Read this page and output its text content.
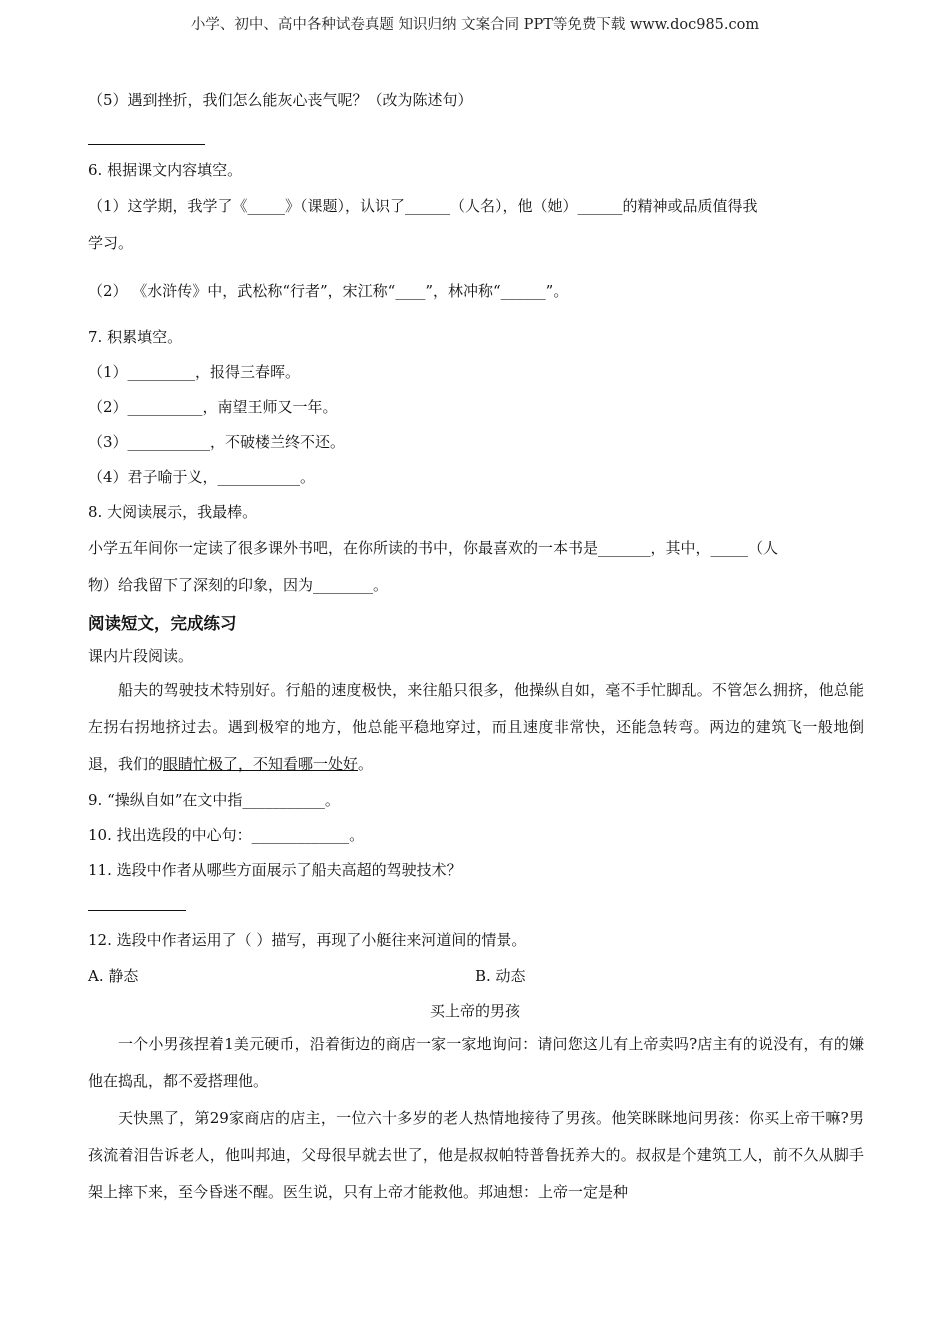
小学、初中、高中各种试卷真题 知识归纳 文案合同 PPT等免费下载 www.doc985.com
（5）遇到挫折，我们怎么能灰心丧气呢？（改为陈述句）
6. 根据课文内容填空。
（1）这学期，我学了《_____》（课题），认识了______（人名），他（她）______的精神或品质值得我
学习。
（2） 《水浒传》中，武松称“行者”，宋江称“____”，林冲称“______”。
7. 积累填空。
（1）_________，报得三春晖。
（2）__________，南望王师又一年。
（3）___________，不破楼兰终不还。
（4）君子喻于义，___________。
8. 大阅读展示，我最棒。
小学五年间你一定读了很多课外书吧，在你所读的书中，你最喜欢的一本书是_______，其中，_____（人
物）给我留下了深刻的印象，因为________。
阅读短文，完成练习
课内片段阅读。
船夫的驾驶技术特别好。行船的速度极快，来往船只很多，他操纵自如，毫不手忙脚乱。不管怎么拥挤，他总能左拐右拐地挤过去。遇到极窄的地方，他总能平稳地穿过，而且速度非常快，还能急转弯。两边的建筑飞一般地倒退，我们的眼睛忙极了，不知看哪一处好。
9. “操纵自如”在文中指___________。
10. 找出选段的中心句：_____________。
11. 选段中作者从哪些方面展示了船夫高超的驾驶技术？
12. 选段中作者运用了（ ）描写，再现了小艇往来河道间的情景。
A. 静态	B. 动态
买上帝的男孩
一个小男孩捏着1美元硬币，沿着街边的商店一家一家地询问：请问您这儿有上帝卖吗?店主有的说没有，有的嫌他在捣乱，都不爱搭理他。
天快黑了，第29家商店的店主，一位六十多岁的老人热情地接待了男孩。他笑眯眯地问男孩：你买上帝干嘛?男孩流着泪告诉老人，他叫邦迪，父母很早就去世了，他是叔叔帕特普鲁抚养大的。叔叔是个建筑工人，前不久从脚手架上摔下来，至今昏迷不醒。医生说，只有上帝才能救他。邦迪想：上帝一定是种
